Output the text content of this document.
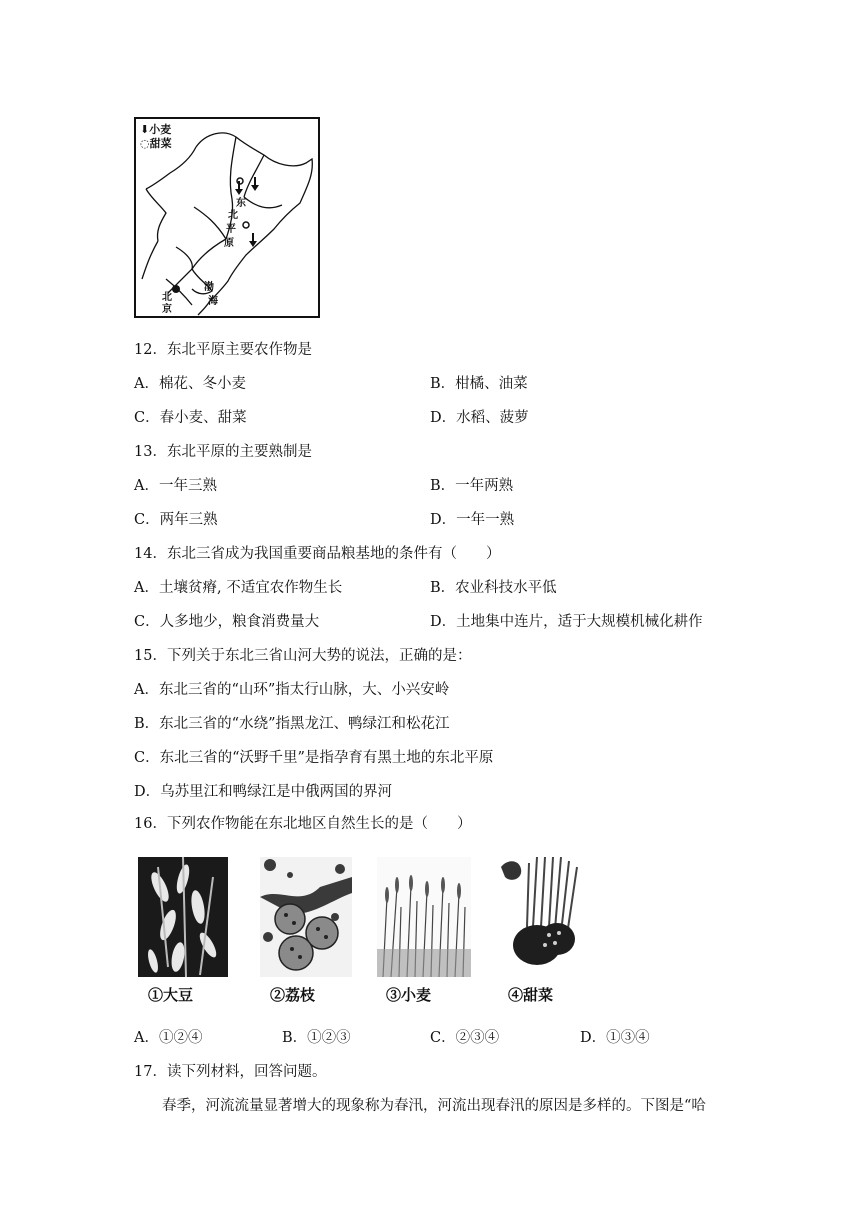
⬇小麦
◌甜菜
东
北
平
原
北
京
渤
海
12．东北平原主要农作物是
A．棉花、冬小麦	B．柑橘、油菜
C．春小麦、甜菜	D．水稻、菠萝
13．东北平原的主要熟制是
A．一年三熟	B．一年两熟
C．两年三熟	D．一年一熟
14．东北三省成为我国重要商品粮基地的条件有（　　）
A．土壤贫瘠, 不适宜农作物生长	B．农业科技水平低
C．人多地少，粮食消费量大	D．土地集中连片，适于大规模机械化耕作
15．下列关于东北三省山河大势的说法，正确的是：
A．东北三省的“山环”指太行山脉，大、小兴安岭
B．东北三省的“水绕”指黑龙江、鸭绿江和松花江
C．东北三省的“沃野千里”是指孕育有黑土地的东北平原
D．乌苏里江和鸭绿江是中俄两国的界河
16．下列农作物能在东北地区自然生长的是（　　）
①大豆	②荔枝	③小麦	④甜菜
A．①②④	B．①②③	C．②③④	D．①③④
17．读下列材料，回答问题。
春季，河流流量显著增大的现象称为春汛，河流出现春汛的原因是多样的。下图是“哈
